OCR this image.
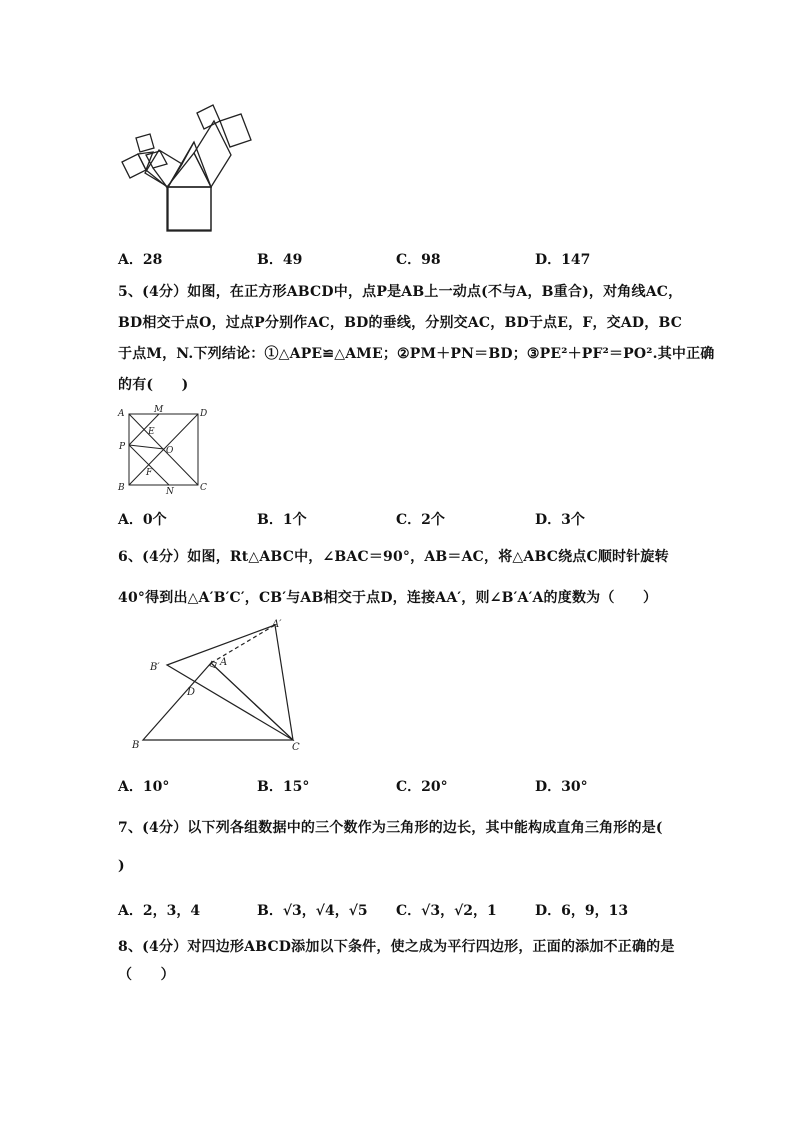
A．28	B．49	C．98	D．147
5、(4分）如图，在正方形ABCD中，点P是AB上一动点(不与A，B重合)，对角线AC，
BD相交于点O，过点P分别作AC，BD的垂线，分别交AC，BD于点E，F，交AD，BC
于点M，N.下列结论：①△APE≌△AME；②PM＋PN＝BD；③PE²＋PF²＝PO².其中正确
的有(　　)
A	M	D
E
P	O
F
B	N	C
A．0个	B．1个	C．2个	D．3个
6、(4分）如图，Rt△ABC中，∠BAC＝90°，AB＝AC，将△ABC绕点C顺时针旋转
40°得到出△A′B′C′，CB′与AB相交于点D，连接AA′，则∠B′A′A的度数为（　　）
A′
B′	A
D
B	C
A．10°	B．15°	C．20°	D．30°
7、(4分）以下列各组数据中的三个数作为三角形的边长，其中能构成直角三角形的是(
)
A．2，3，4	B．√3，√4，√5 C．√3，√2，1	D．6，9，13
8、(4分）对四边形ABCD添加以下条件，使之成为平行四边形，正面的添加不正确的是
（　　）
